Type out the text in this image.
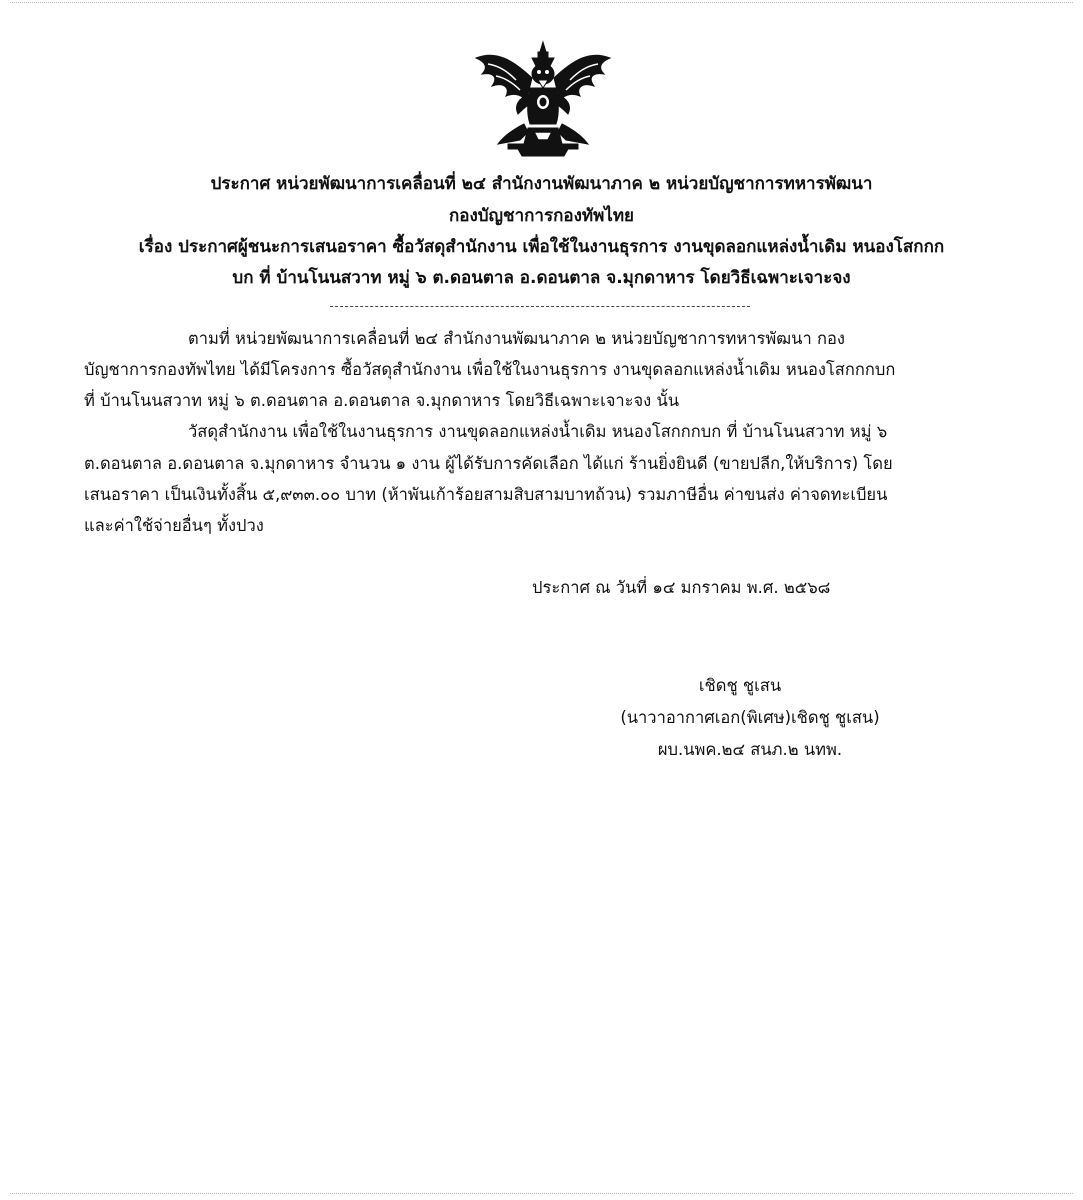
ประกาศ หน่วยพัฒนาการเคลื่อนที่ ๒๔ สำนักงานพัฒนาภาค ๒ หน่วยบัญชาการทหารพัฒนา
กองบัญชาการกองทัพไทย
เรื่อง ประกาศผู้ชนะการเสนอราคา ซื้อวัสดุสำนักงาน เพื่อใช้ในงานธุรการ งานขุดลอกแหล่งน้ำเดิม หนองโสกกก
บก ที่ บ้านโนนสวาท หมู่ ๖ ต.ดอนตาล อ.ดอนตาล จ.มุกดาหาร โดยวิธีเฉพาะเจาะจง
ตามที่ หน่วยพัฒนาการเคลื่อนที่ ๒๔ สำนักงานพัฒนาภาค ๒ หน่วยบัญชาการทหารพัฒนา กอง
บัญชาการกองทัพไทย ได้มีโครงการ ซื้อวัสดุสำนักงาน เพื่อใช้ในงานธุรการ งานขุดลอกแหล่งน้ำเดิม หนองโสกกกบก
ที่ บ้านโนนสวาท หมู่ ๖ ต.ดอนตาล อ.ดอนตาล จ.มุกดาหาร โดยวิธีเฉพาะเจาะจง นั้น
วัสดุสำนักงาน เพื่อใช้ในงานธุรการ งานขุดลอกแหล่งน้ำเดิม หนองโสกกกบก ที่ บ้านโนนสวาท หมู่ ๖
ต.ดอนตาล อ.ดอนตาล จ.มุกดาหาร จำนวน ๑ งาน ผู้ได้รับการคัดเลือก ได้แก่ ร้านยิ่งยินดี (ขายปลีก,ให้บริการ) โดย
เสนอราคา เป็นเงินทั้งสิ้น ๕,๙๓๓.๐๐ บาท (ห้าพันเก้าร้อยสามสิบสามบาทถ้วน) รวมภาษีอื่น ค่าขนส่ง ค่าจดทะเบียน
และค่าใช้จ่ายอื่นๆ ทั้งปวง
ประกาศ ณ วันที่ ๑๔ มกราคม พ.ศ. ๒๕๖๘
เชิดชู ชูเสน
(นาวาอากาศเอก(พิเศษ)เชิดชู ชูเสน)
ผบ.นพค.๒๔ สนภ.๒ นทพ.
